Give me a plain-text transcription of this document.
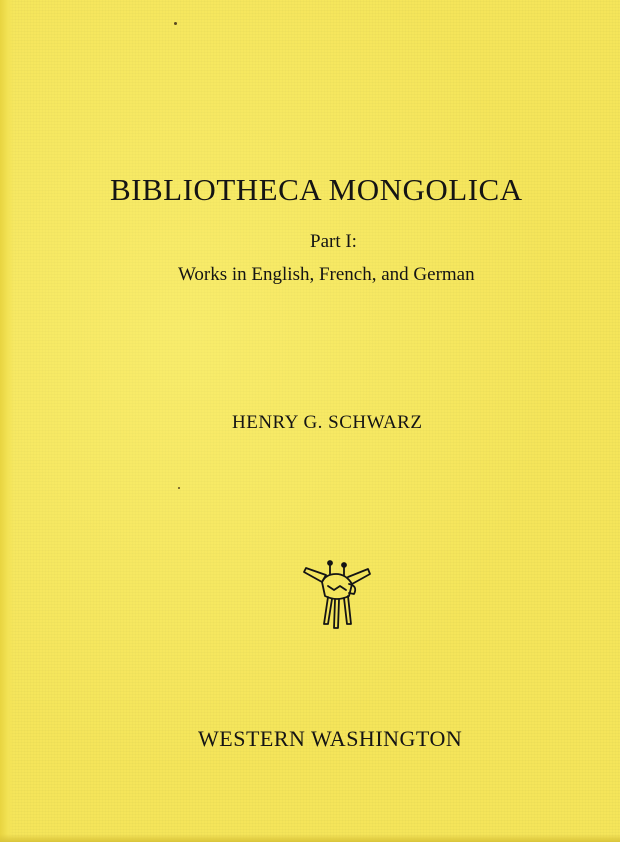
BIBLIOTHECA MONGOLICA
Part I:
Works in English, French, and German
HENRY G. SCHWARZ
WESTERN WASHINGTON
